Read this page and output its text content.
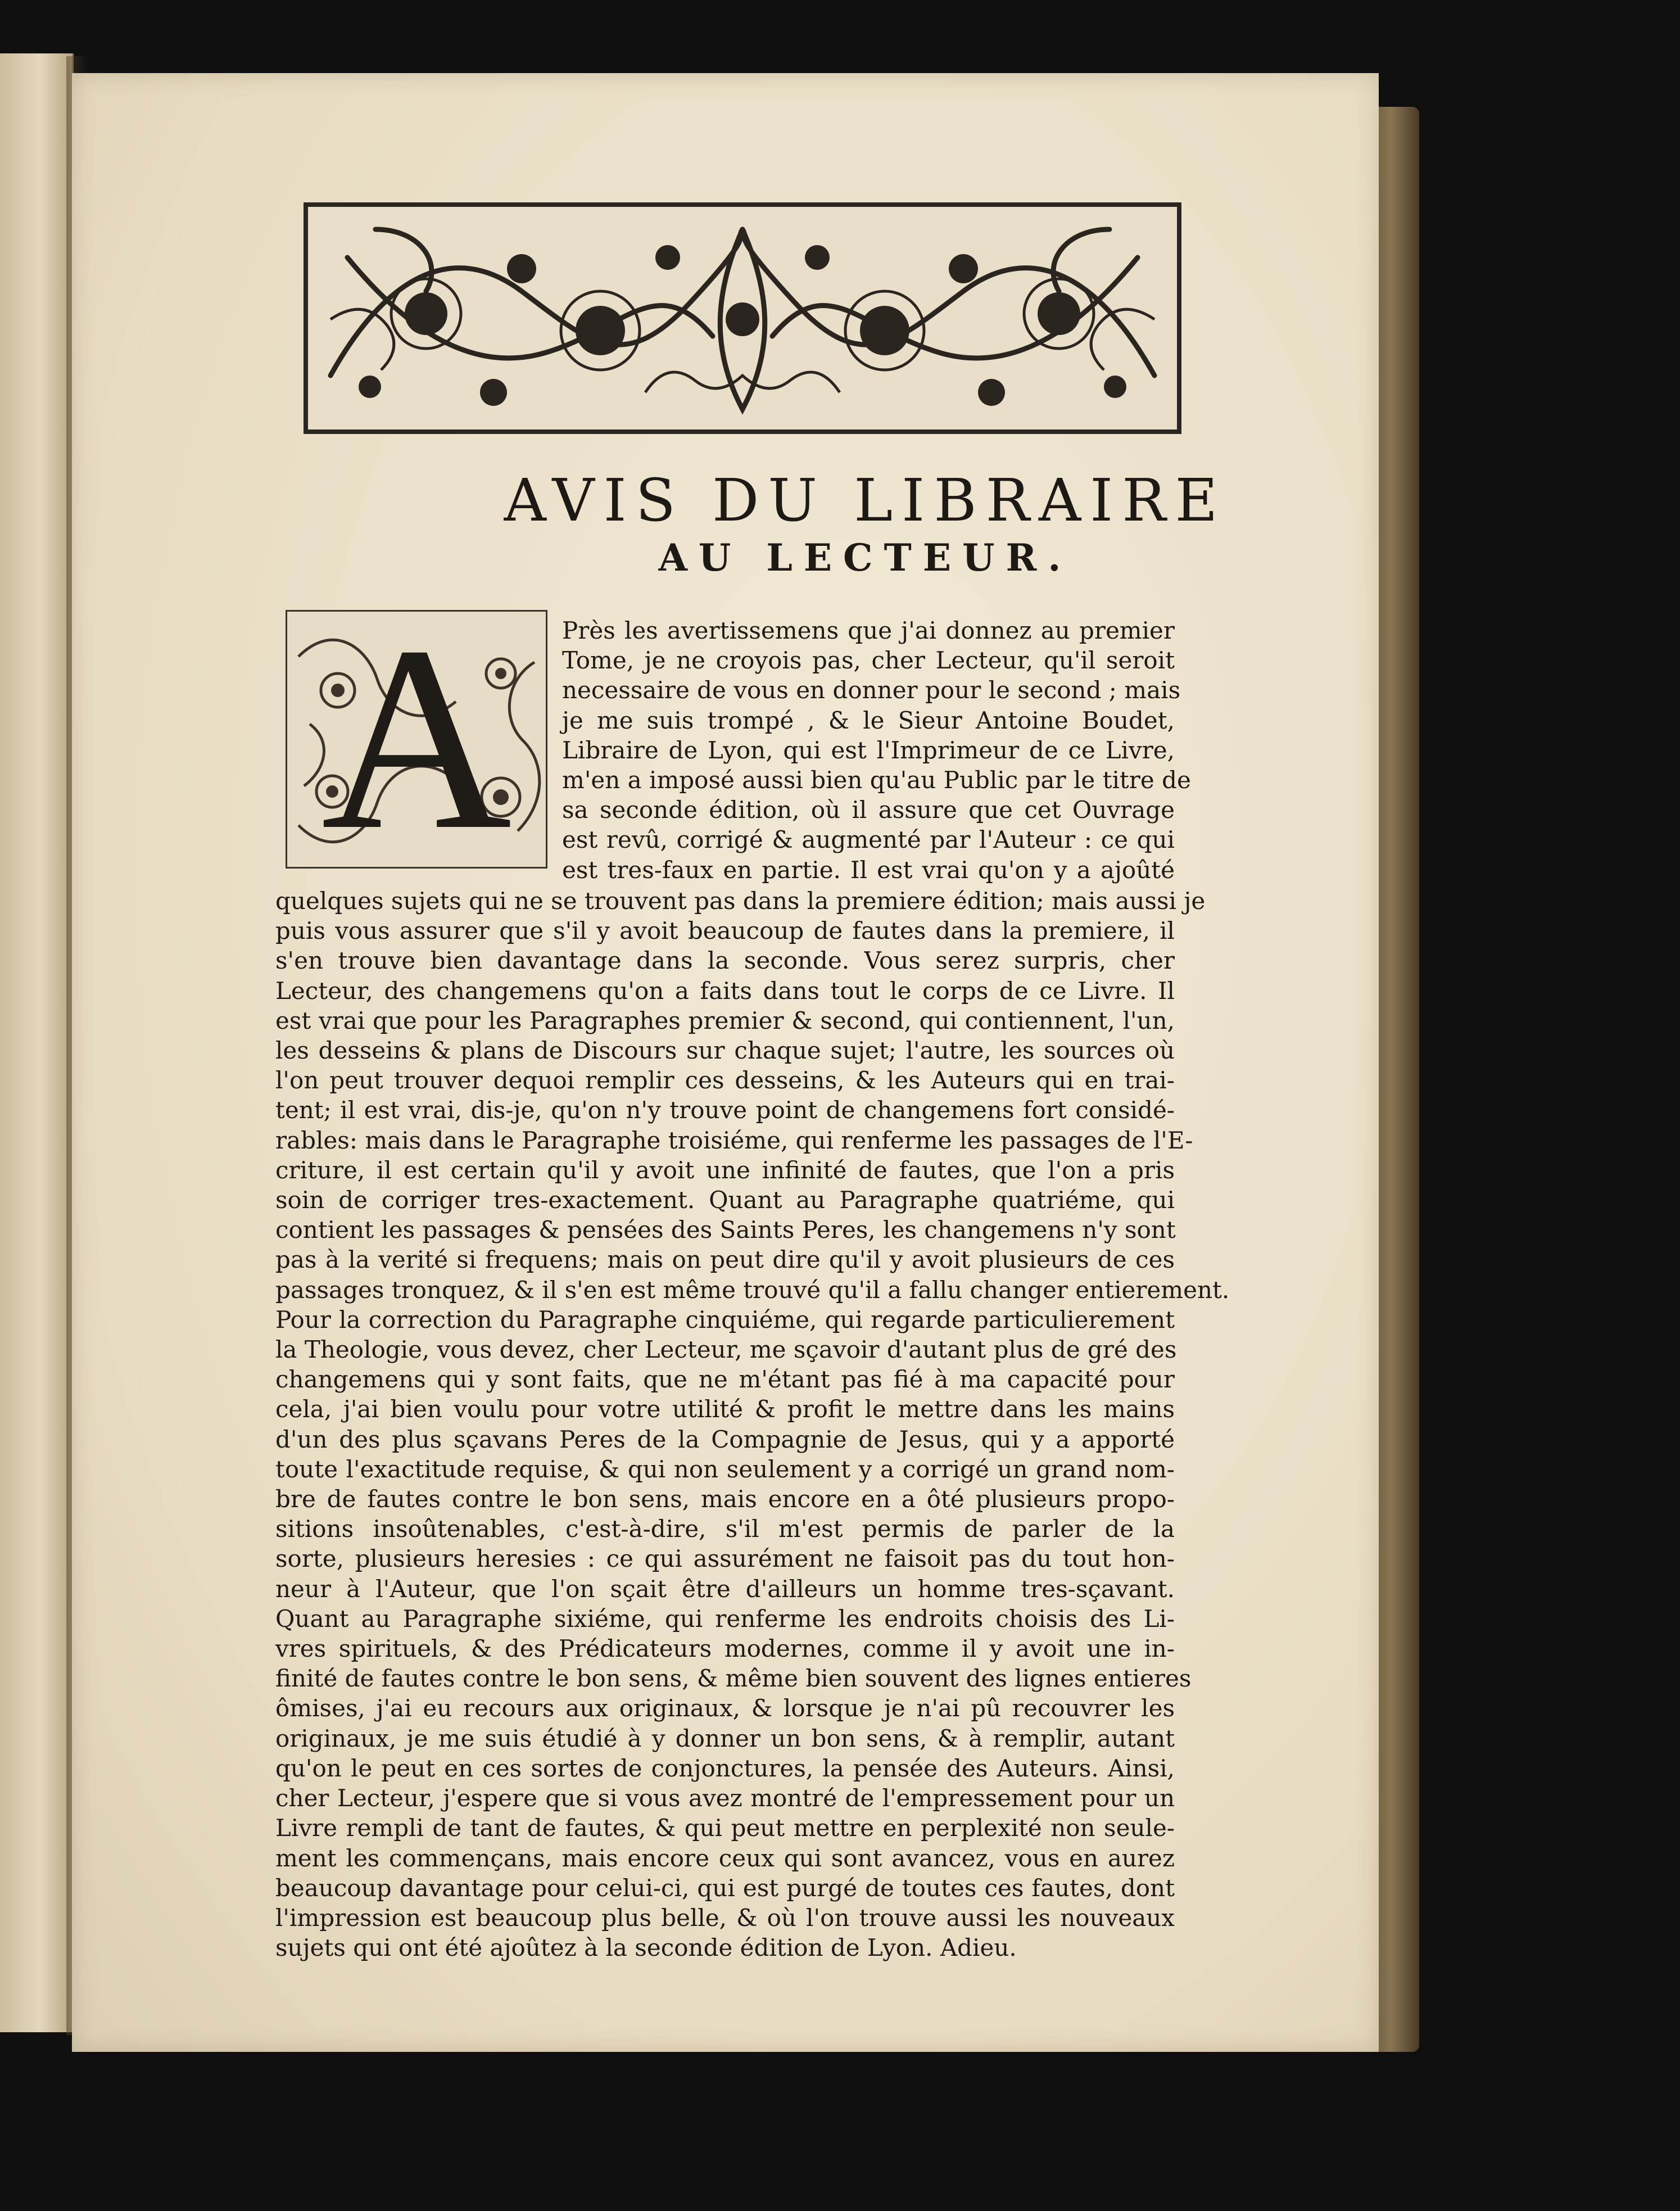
AVIS DU LIBRAIRE
AU LECTEUR.
A	Près les avertissemens que j'ai donnez au premier
Tome, je ne croyois pas, cher Lecteur, qu'il seroit
necessaire de vous en donner pour le second ; mais
je me suis trompé , & le Sieur Antoine Boudet,
Libraire de Lyon, qui est l'Imprimeur de ce Livre,
m'en a imposé aussi bien qu'au Public par le titre de
sa seconde édition, où il assure que cet Ouvrage
est revû, corrigé & augmenté par l'Auteur : ce qui
est tres-faux en partie. Il est vrai qu'on y a ajoûté
quelques sujets qui ne se trouvent pas dans la premiere édition; mais aussi je
puis vous assurer que s'il y avoit beaucoup de fautes dans la premiere, il
s'en trouve bien davantage dans la seconde. Vous serez surpris, cher
Lecteur, des changemens qu'on a faits dans tout le corps de ce Livre. Il
est vrai que pour les Paragraphes premier & second, qui contiennent, l'un,
les desseins & plans de Discours sur chaque sujet; l'autre, les sources où
l'on peut trouver dequoi remplir ces desseins, & les Auteurs qui en trai-
tent; il est vrai, dis-je, qu'on n'y trouve point de changemens fort considé-
rables: mais dans le Paragraphe troisiéme, qui renferme les passages de l'E-
criture, il est certain qu'il y avoit une infinité de fautes, que l'on a pris
soin de corriger tres-exactement. Quant au Paragraphe quatriéme, qui
contient les passages & pensées des Saints Peres, les changemens n'y sont
pas à la verité si frequens; mais on peut dire qu'il y avoit plusieurs de ces
passages tronquez, & il s'en est même trouvé qu'il a fallu changer entierement.
Pour la correction du Paragraphe cinquiéme, qui regarde particulierement
la Theologie, vous devez, cher Lecteur, me sçavoir d'autant plus de gré des
changemens qui y sont faits, que ne m'étant pas fié à ma capacité pour
cela, j'ai bien voulu pour votre utilité & profit le mettre dans les mains
d'un des plus sçavans Peres de la Compagnie de Jesus, qui y a apporté
toute l'exactitude requise, & qui non seulement y a corrigé un grand nom-
bre de fautes contre le bon sens, mais encore en a ôté plusieurs propo-
sitions insoûtenables, c'est-à-dire, s'il m'est permis de parler de la
sorte, plusieurs heresies : ce qui assurément ne faisoit pas du tout hon-
neur à l'Auteur, que l'on sçait être d'ailleurs un homme tres-sçavant.
Quant au Paragraphe sixiéme, qui renferme les endroits choisis des Li-
vres spirituels, & des Prédicateurs modernes, comme il y avoit une in-
finité de fautes contre le bon sens, & même bien souvent des lignes entieres
ômises, j'ai eu recours aux originaux, & lorsque je n'ai pû recouvrer les
originaux, je me suis étudié à y donner un bon sens, & à remplir, autant
qu'on le peut en ces sortes de conjonctures, la pensée des Auteurs. Ainsi,
cher Lecteur, j'espere que si vous avez montré de l'empressement pour un
Livre rempli de tant de fautes, & qui peut mettre en perplexité non seule-
ment les commençans, mais encore ceux qui sont avancez, vous en aurez
beaucoup davantage pour celui-ci, qui est purgé de toutes ces fautes, dont
l'impression est beaucoup plus belle, & où l'on trouve aussi les nouveaux
sujets qui ont été ajoûtez à la seconde édition de Lyon. Adieu.
